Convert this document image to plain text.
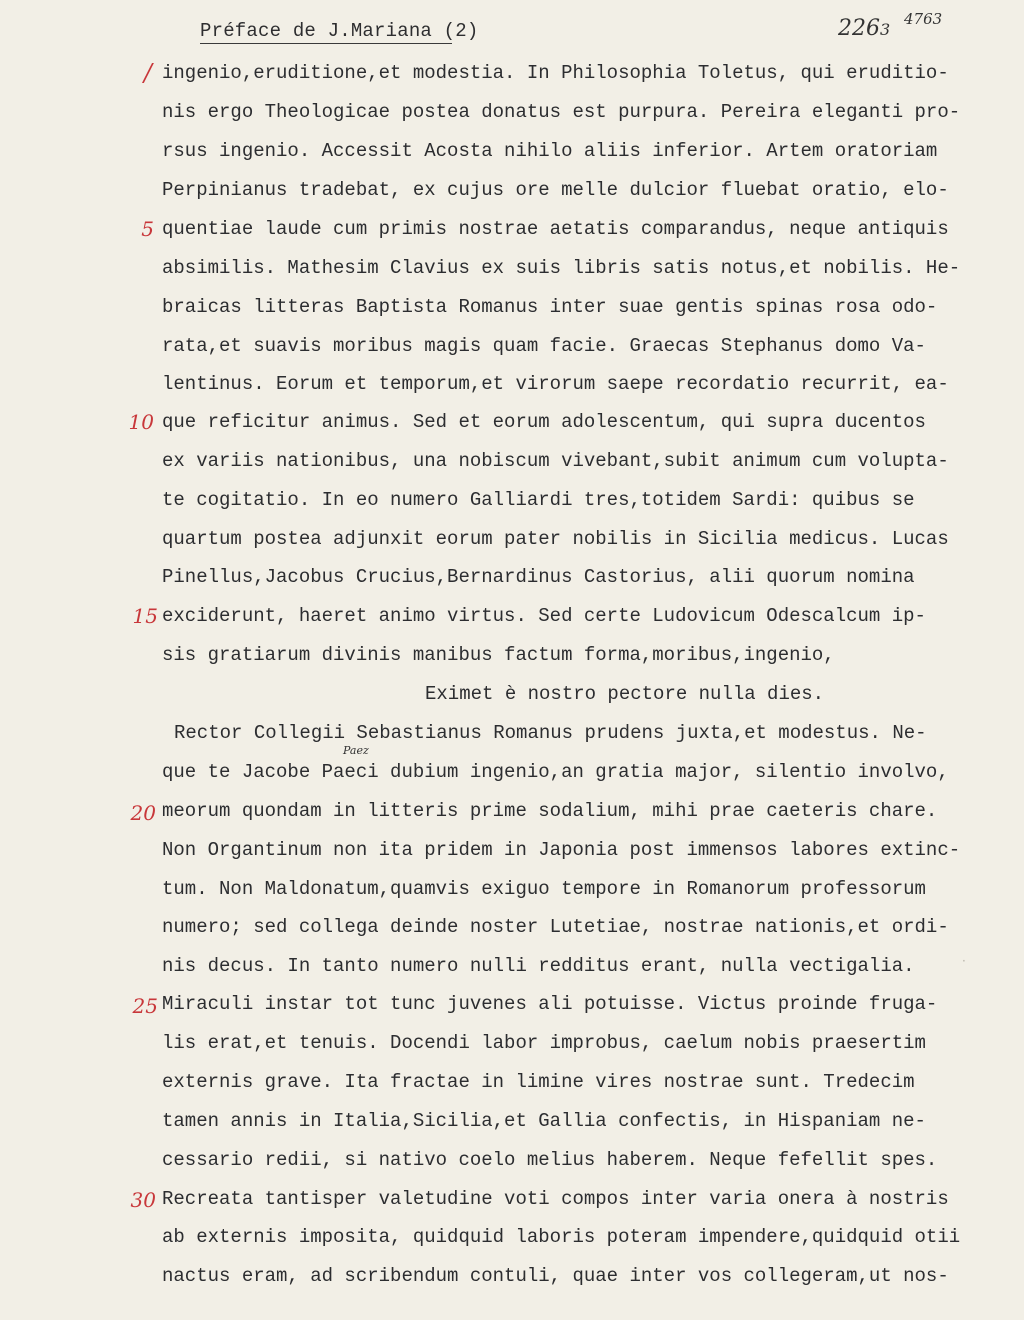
Préface de J.Mariana (2)	2263
4763
/
5
10
15
20
25
30
Paez
·
ingenio,eruditione,et modestia. In Philosophia Toletus, qui eruditio-
nis ergo Theologicae postea donatus est purpura. Pereira eleganti pro-
rsus ingenio. Accessit Acosta nihilo aliis inferior. Artem oratoriam
Perpinianus tradebat, ex cujus ore melle dulcior fluebat oratio, elo-
quentiae laude cum primis nostrae aetatis comparandus, neque antiquis
absimilis. Mathesim Clavius ex suis libris satis notus,et nobilis. He-
braicas litteras Baptista Romanus inter suae gentis spinas rosa odo-
rata,et suavis moribus magis quam facie. Graecas Stephanus domo Va-
lentinus. Eorum et temporum,et virorum saepe recordatio recurrit, ea-
que reficitur animus. Sed et eorum adolescentum, qui supra ducentos
ex variis nationibus, una nobiscum vivebant,subit animum cum volupta-
te cogitatio. In eo numero Galliardi tres,totidem Sardi: quibus se
quartum postea adjunxit eorum pater nobilis in Sicilia medicus. Lucas
Pinellus,Jacobus Crucius,Bernardinus Castorius, alii quorum nomina
exciderunt, haeret animo virtus. Sed certe Ludovicum Odescalcum ip-
sis gratiarum divinis manibus factum forma,moribus,ingenio,
Eximet è nostro pectore nulla dies.
Rector Collegii Sebastianus Romanus prudens juxta,et modestus. Ne-
que te Jacobe Paeci dubium ingenio,an gratia major, silentio involvo,
meorum quondam in litteris prime sodalium, mihi prae caeteris chare.
Non Organtinum non ita pridem in Japonia post immensos labores extinc-
tum. Non Maldonatum,quamvis exiguo tempore in Romanorum professorum
numero; sed collega deinde noster Lutetiae, nostrae nationis,et ordi-
nis decus. In tanto numero nulli redditus erant, nulla vectigalia.
Miraculi instar tot tunc juvenes ali potuisse. Victus proinde fruga-
lis erat,et tenuis. Docendi labor improbus, caelum nobis praesertim
externis grave. Ita fractae in limine vires nostrae sunt. Tredecim
tamen annis in Italia,Sicilia,et Gallia confectis, in Hispaniam ne-
cessario redii, si nativo coelo melius haberem. Neque fefellit spes.
Recreata tantisper valetudine voti compos inter varia onera à nostris
ab externis imposita, quidquid laboris poteram impendere,quidquid otii
nactus eram, ad scribendum contuli, quae inter vos collegeram,ut nos-
